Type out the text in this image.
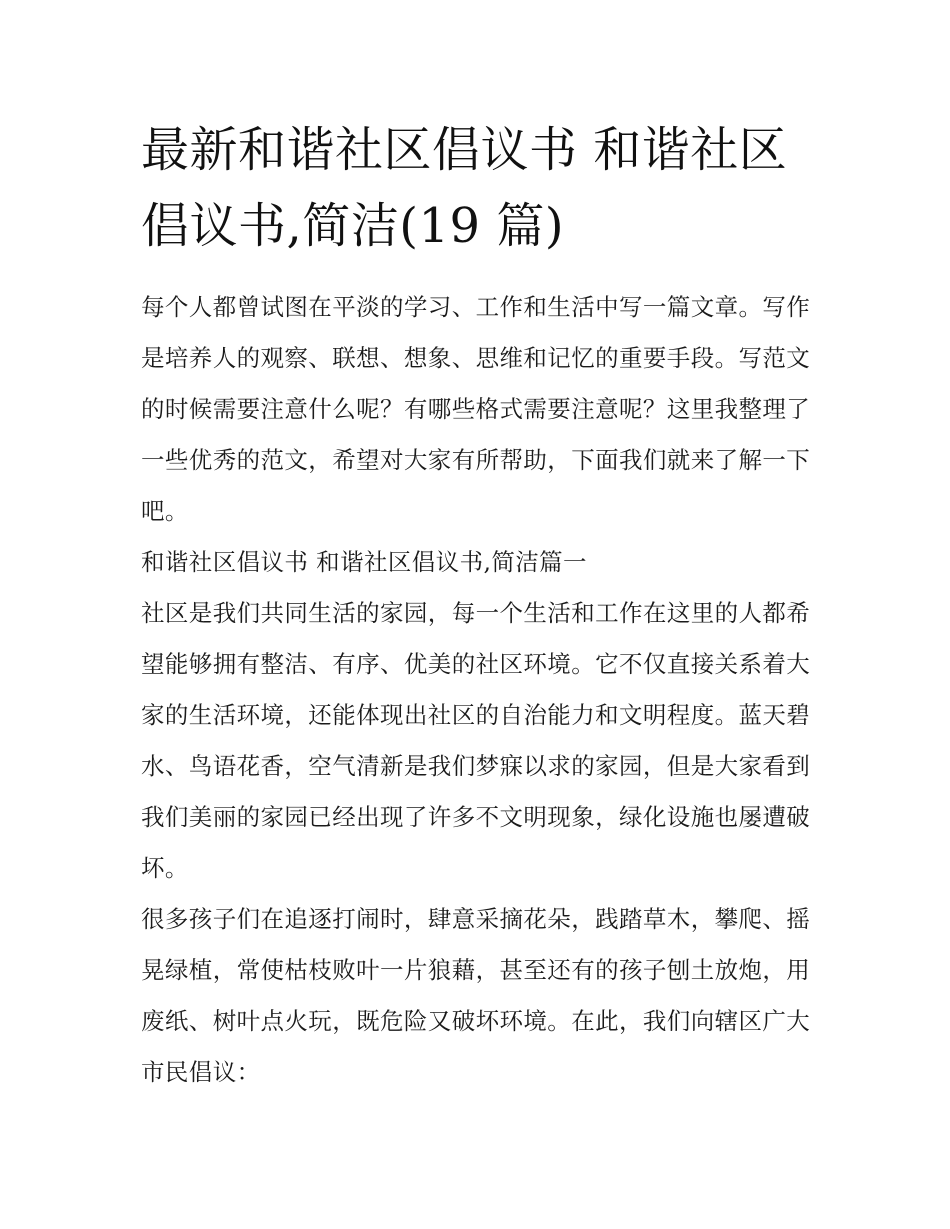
最新和谐社区倡议书 和谐社区倡议书,简洁(19 篇)

每个人都曾试图在平淡的学习、工作和生活中写一篇文章。写作是培养人的观察、联想、想象、思维和记忆的重要手段。写范文的时候需要注意什么呢？有哪些格式需要注意呢？这里我整理了一些优秀的范文，希望对大家有所帮助，下面我们就来了解一下吧。

和谐社区倡议书 和谐社区倡议书,简洁篇一

社区是我们共同生活的家园，每一个生活和工作在这里的人都希望能够拥有整洁、有序、优美的社区环境。它不仅直接关系着大家的生活环境，还能体现出社区的自治能力和文明程度。蓝天碧水、鸟语花香，空气清新是我们梦寐以求的家园，但是大家看到我们美丽的家园已经出现了许多不文明现象，绿化设施也屡遭破坏。

很多孩子们在追逐打闹时，肆意采摘花朵，践踏草木，攀爬、摇晃绿植，常使枯枝败叶一片狼藉，甚至还有的孩子刨土放炮，用废纸、树叶点火玩，既危险又破坏环境。在此，我们向辖区广大市民倡议：
